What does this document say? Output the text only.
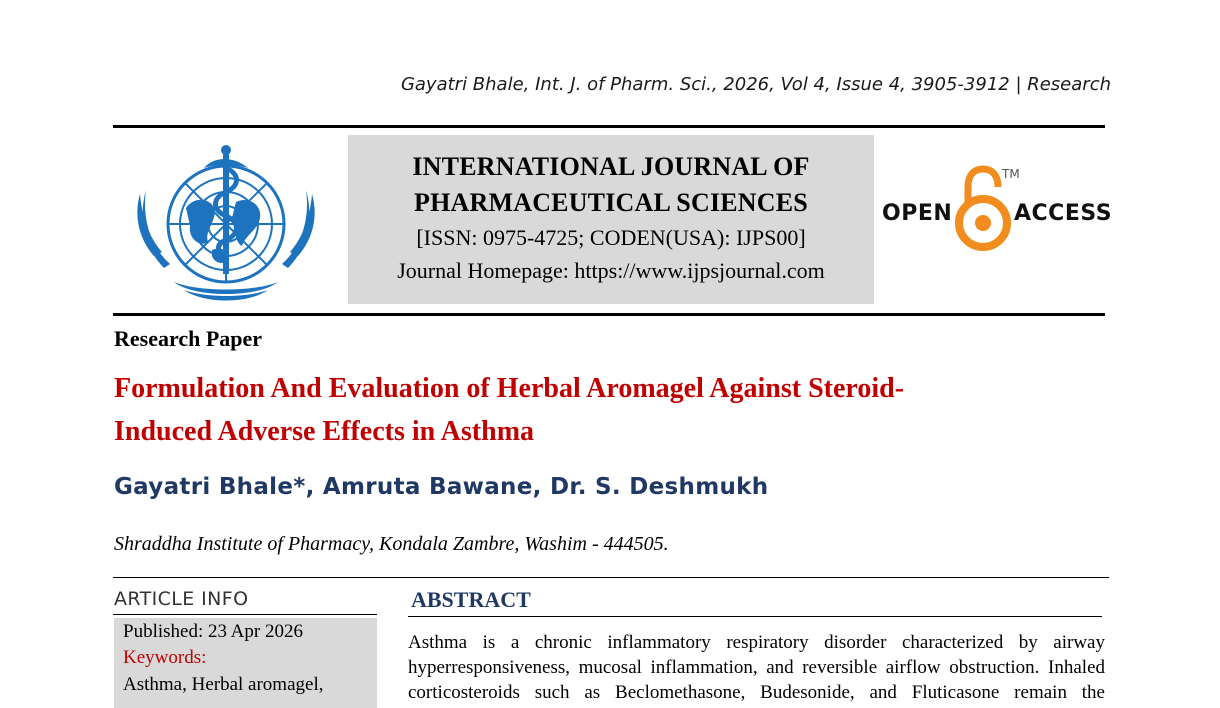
Gayatri Bhale, Int. J. of Pharm. Sci., 2026, Vol 4, Issue 4, 3905-3912 | Research
INTERNATIONAL JOURNAL OF
PHARMACEUTICAL SCIENCES
[ISSN: 0975-4725; CODEN(USA): IJPS00]
Journal Homepage: https://www.ijpsjournal.com
OPEN
TM
ACCESS
Research Paper
Formulation And Evaluation of Herbal Aromagel Against Steroid-
Induced Adverse Effects in Asthma
Gayatri Bhale*, Amruta Bawane, Dr. S. Deshmukh
Shraddha Institute of Pharmacy, Kondala Zambre, Washim - 444505.
ARTICLE INFO
Published: 23 Apr 2026
Keywords:
Asthma, Herbal aromagel,
ABSTRACT
Asthma is a chronic inflammatory respiratory disorder characterized by airway
hyperresponsiveness, mucosal inflammation, and reversible airflow obstruction. Inhaled
corticosteroids such as Beclomethasone, Budesonide, and Fluticasone remain the
